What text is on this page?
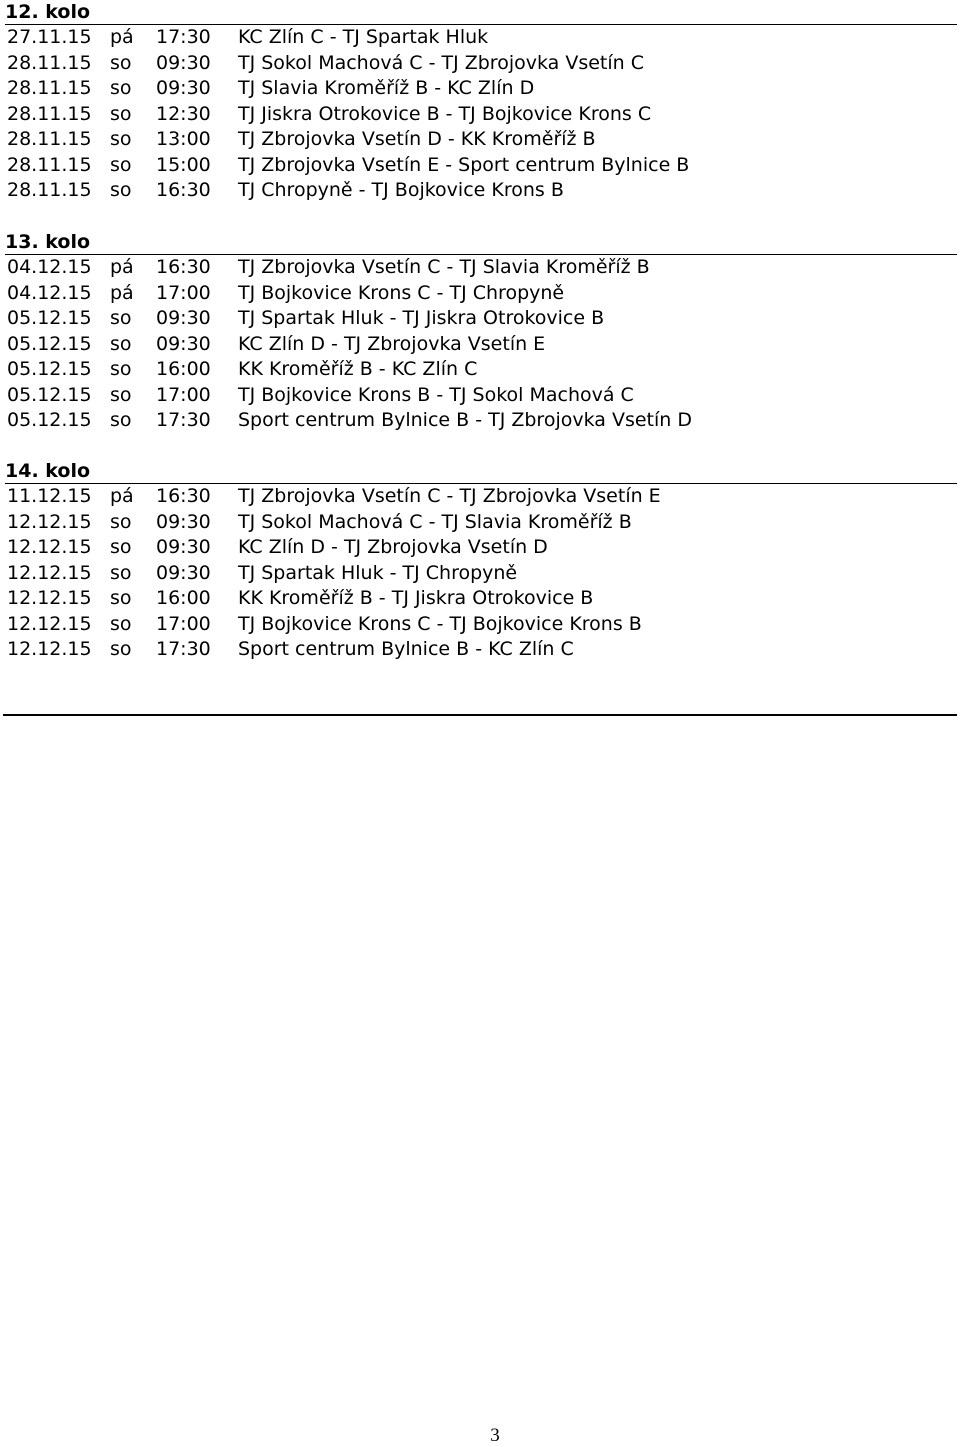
12. kolo
27.11.15 pá 17:30 KC Zlín C - TJ Spartak Hluk
28.11.15 so 09:30 TJ Sokol Machová C - TJ Zbrojovka Vsetín C
28.11.15 so 09:30 TJ Slavia Kroměříž B - KC Zlín D
28.11.15 so 12:30 TJ Jiskra Otrokovice B - TJ Bojkovice Krons C
28.11.15 so 13:00 TJ Zbrojovka Vsetín D - KK Kroměříž B
28.11.15 so 15:00 TJ Zbrojovka Vsetín E - Sport centrum Bylnice B
28.11.15 so 16:30 TJ Chropyně - TJ Bojkovice Krons B
13. kolo
04.12.15 pá 16:30 TJ Zbrojovka Vsetín C - TJ Slavia Kroměříž B
04.12.15 pá 17:00 TJ Bojkovice Krons C - TJ Chropyně
05.12.15 so 09:30 TJ Spartak Hluk - TJ Jiskra Otrokovice B
05.12.15 so 09:30 KC Zlín D - TJ Zbrojovka Vsetín E
05.12.15 so 16:00 KK Kroměříž B - KC Zlín C
05.12.15 so 17:00 TJ Bojkovice Krons B - TJ Sokol Machová C
05.12.15 so 17:30 Sport centrum Bylnice B - TJ Zbrojovka Vsetín D
14. kolo
11.12.15 pá 16:30 TJ Zbrojovka Vsetín C - TJ Zbrojovka Vsetín E
12.12.15 so 09:30 TJ Sokol Machová C - TJ Slavia Kroměříž B
12.12.15 so 09:30 KC Zlín D - TJ Zbrojovka Vsetín D
12.12.15 so 09:30 TJ Spartak Hluk - TJ Chropyně
12.12.15 so 16:00 KK Kroměříž B - TJ Jiskra Otrokovice B
12.12.15 so 17:00 TJ Bojkovice Krons C - TJ Bojkovice Krons B
12.12.15 so 17:30 Sport centrum Bylnice B - KC Zlín C
3
